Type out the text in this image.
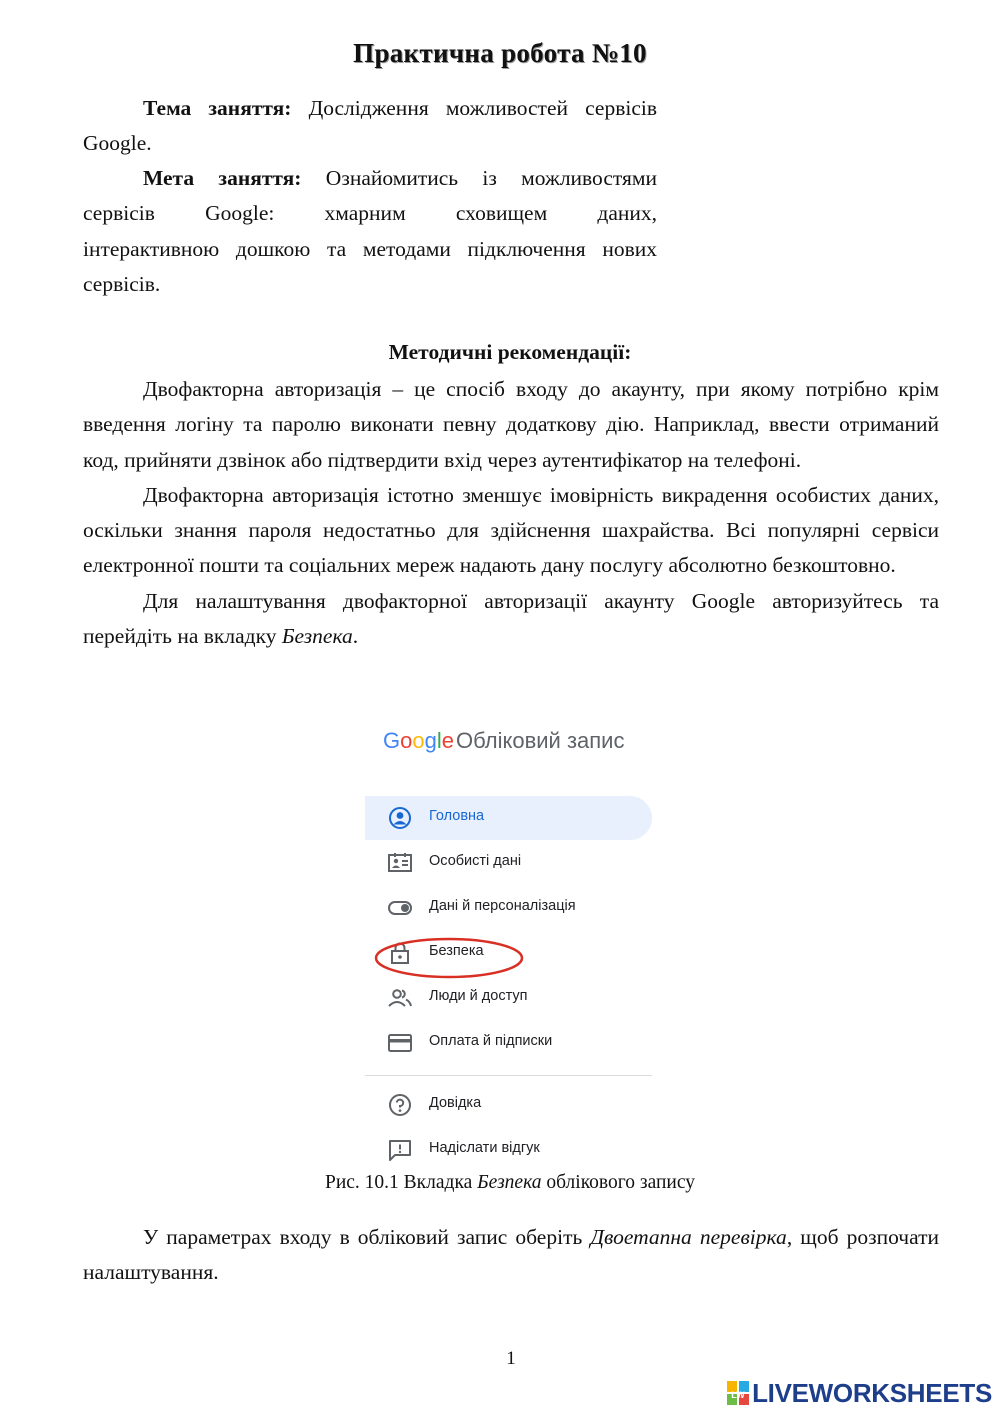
Практична робота №10

Тема заняття: Дослідження можливостей сервісів Google.

Мета заняття: Ознайомитись із можливостями сервісів Google: хмарним сховищем даних,

інтерактивною дошкою та методами підключення нових сервісів.

Методичні рекомендації:

Двофакторна авторизація – це спосіб входу до акаунту, при якому потрібно крім введення логіну та паролю виконати певну додаткову дію. Наприклад, ввести отриманий код, прийняти дзвінок або підтвердити вхід через аутентифікатор на телефоні.

Двофакторна авторизація істотно зменшує імовірність викрадення особистих даних, оскільки знання пароля недостатньо для здійснення шахрайства. Всі популярні сервіси електронної пошти та соціальних мереж надають дану послугу абсолютно безкоштовно.

Для налаштування двофакторної авторизації акаунту Google авторизуйтесь та перейдіть на вкладку Безпека.

GoogleОбліковий запис
Головна
Особисті дані
Дані й персоналізація
Безпека
Люди й доступ
Оплата й підписки
Довідка
Надіслати відгук
Рис. 10.1 Вкладка Безпека облікового запису

У параметрах входу в обліковий запис оберіть Двоетапна перевірка, щоб розпочати налаштування.

1
LW LIVEWORKSHEETS
